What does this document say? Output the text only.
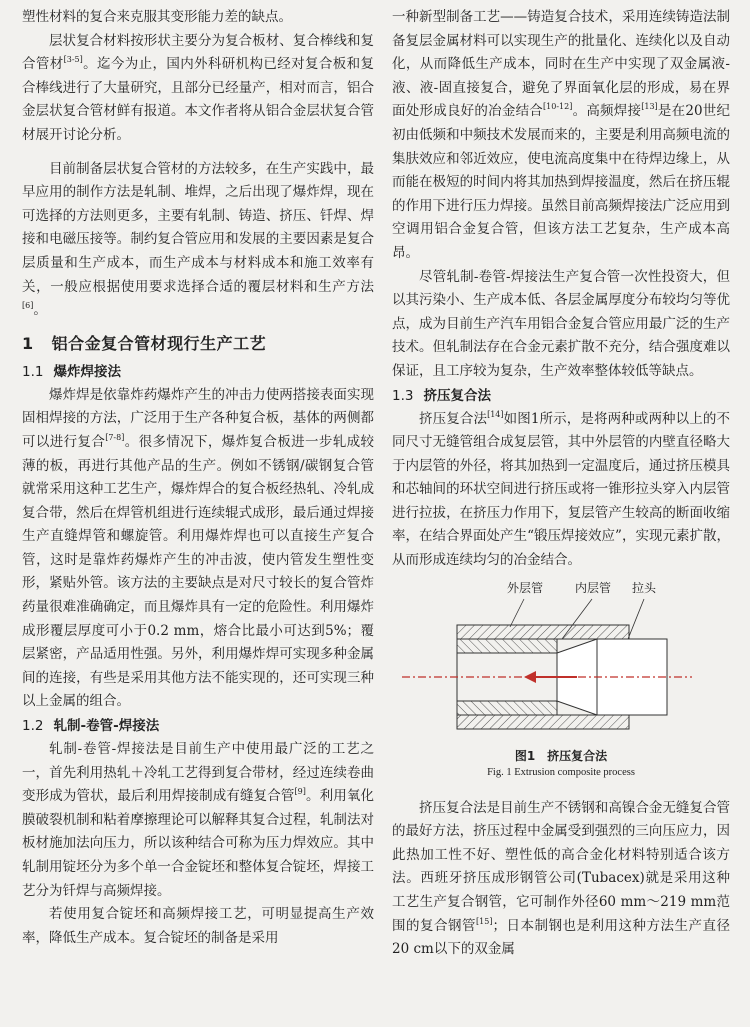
塑性材料的复合来克服其变形能力差的缺点。

层状复合材料按形状主要分为复合板材、复合棒线和复合管材[3-5]。迄今为止，国内外科研机构已经对复合板和复合棒线进行了大量研究，且部分已经量产，相对而言，铝合金层状复合管材鲜有报道。本文作者将从铝合金层状复合管材展开讨论分析。

目前制备层状复合管材的方法较多，在生产实践中，最早应用的制作方法是轧制、堆焊，之后出现了爆炸焊，现在可选择的方法则更多，主要有轧制、铸造、挤压、钎焊、焊接和电磁压接等。制约复合管应用和发展的主要因素是复合层质量和生产成本，而生产成本与材料成本和施工效率有关，一般应根据使用要求选择合适的覆层材料和生产方法[6]。

1 铝合金复合管材现行生产工艺
1.1 爆炸焊接法

爆炸焊是依靠炸药爆炸产生的冲击力使两搭接表面实现固相焊接的方法，广泛用于生产各种复合板，基体的两侧都可以进行复合[7-8]。很多情况下，爆炸复合板进一步轧成较薄的板，再进行其他产品的生产。例如不锈钢/碳钢复合管就常采用这种工艺生产，爆炸焊合的复合板经热轧、冷轧成复合带，然后在焊管机组进行连续辊式成形，最后通过焊接生产直缝焊管和螺旋管。利用爆炸焊也可以直接生产复合管，这时是靠炸药爆炸产生的冲击波，使内管发生塑性变形，紧贴外管。该方法的主要缺点是对尺寸较长的复合管炸药量很难准确确定，而且爆炸具有一定的危险性。利用爆炸成形覆层厚度可小于0.2 mm，熔合比最小可达到5%；覆层紧密，产品适用性强。另外，利用爆炸焊可实现多种金属间的连接，有些是采用其他方法不能实现的，还可实现三种以上金属的组合。

1.2 轧制-卷管-焊接法

轧制-卷管-焊接法是目前生产中使用最广泛的工艺之一，首先利用热轧＋冷轧工艺得到复合带材，经过连续卷曲变形成为管状，最后利用焊接制成有缝复合管[9]。利用氧化膜破裂机制和粘着摩擦理论可以解释其复合过程，轧制法对板材施加法向压力，所以该种结合可称为压力焊效应。其中轧制用锭坯分为多个单一合金锭坯和整体复合锭坯，焊接工艺分为钎焊与高频焊接。

若使用复合锭坯和高频焊接工艺，可明显提高生产效率，降低生产成本。复合锭坯的制备是采用

一种新型制备工艺——铸造复合技术，采用连续铸造法制备复层金属材料可以实现生产的批量化、连续化以及自动化，从而降低生产成本，同时在生产中实现了双金属液-液、液-固直接复合，避免了界面氧化层的形成，易在界面处形成良好的冶金结合[10-12]。高频焊接[13]是在20世纪初由低频和中频技术发展而来的，主要是利用高频电流的集肤效应和邻近效应，使电流高度集中在待焊边缘上，从而能在极短的时间内将其加热到焊接温度，然后在挤压辊的作用下进行压力焊接。虽然目前高频焊接法广泛应用到空调用铝合金复合管，但该方法工艺复杂，生产成本高昂。

尽管轧制-卷管-焊接法生产复合管一次性投资大，但以其污染小、生产成本低、各层金属厚度分布较均匀等优点，成为目前生产汽车用铝合金复合管应用最广泛的生产技术。但轧制法存在合金元素扩散不充分，结合强度难以保证，且工序较为复杂，生产效率整体较低等缺点。

1.3 挤压复合法

挤压复合法[14]如图1所示，是将两种或两种以上的不同尺寸无缝管组合成复层管，其中外层管的内壁直径略大于内层管的外径，将其加热到一定温度后，通过挤压模具和芯轴间的环状空间进行挤压或将一锥形拉头穿入内层管进行拉拔，在挤压力作用下，复层管产生较高的断面收缩率，在结合界面处产生“锻压焊接效应”，实现元素扩散，从而形成连续均匀的冶金结合。

外层管	内层管 拉头
图1　挤压复合法
Fig. 1 Extrusion composite process

挤压复合法是目前生产不锈钢和高镍合金无缝复合管的最好方法，挤压过程中金属受到强烈的三向压应力，因此热加工性不好、塑性低的高合金化材料特别适合该方法。西班牙挤压成形钢管公司(Tubacex)就是采用这种工艺生产复合钢管，它可制作外径60 mm～219 mm范围的复合钢管[15]；日本制钢也是利用这种方法生产直径20 cm以下的双金属
